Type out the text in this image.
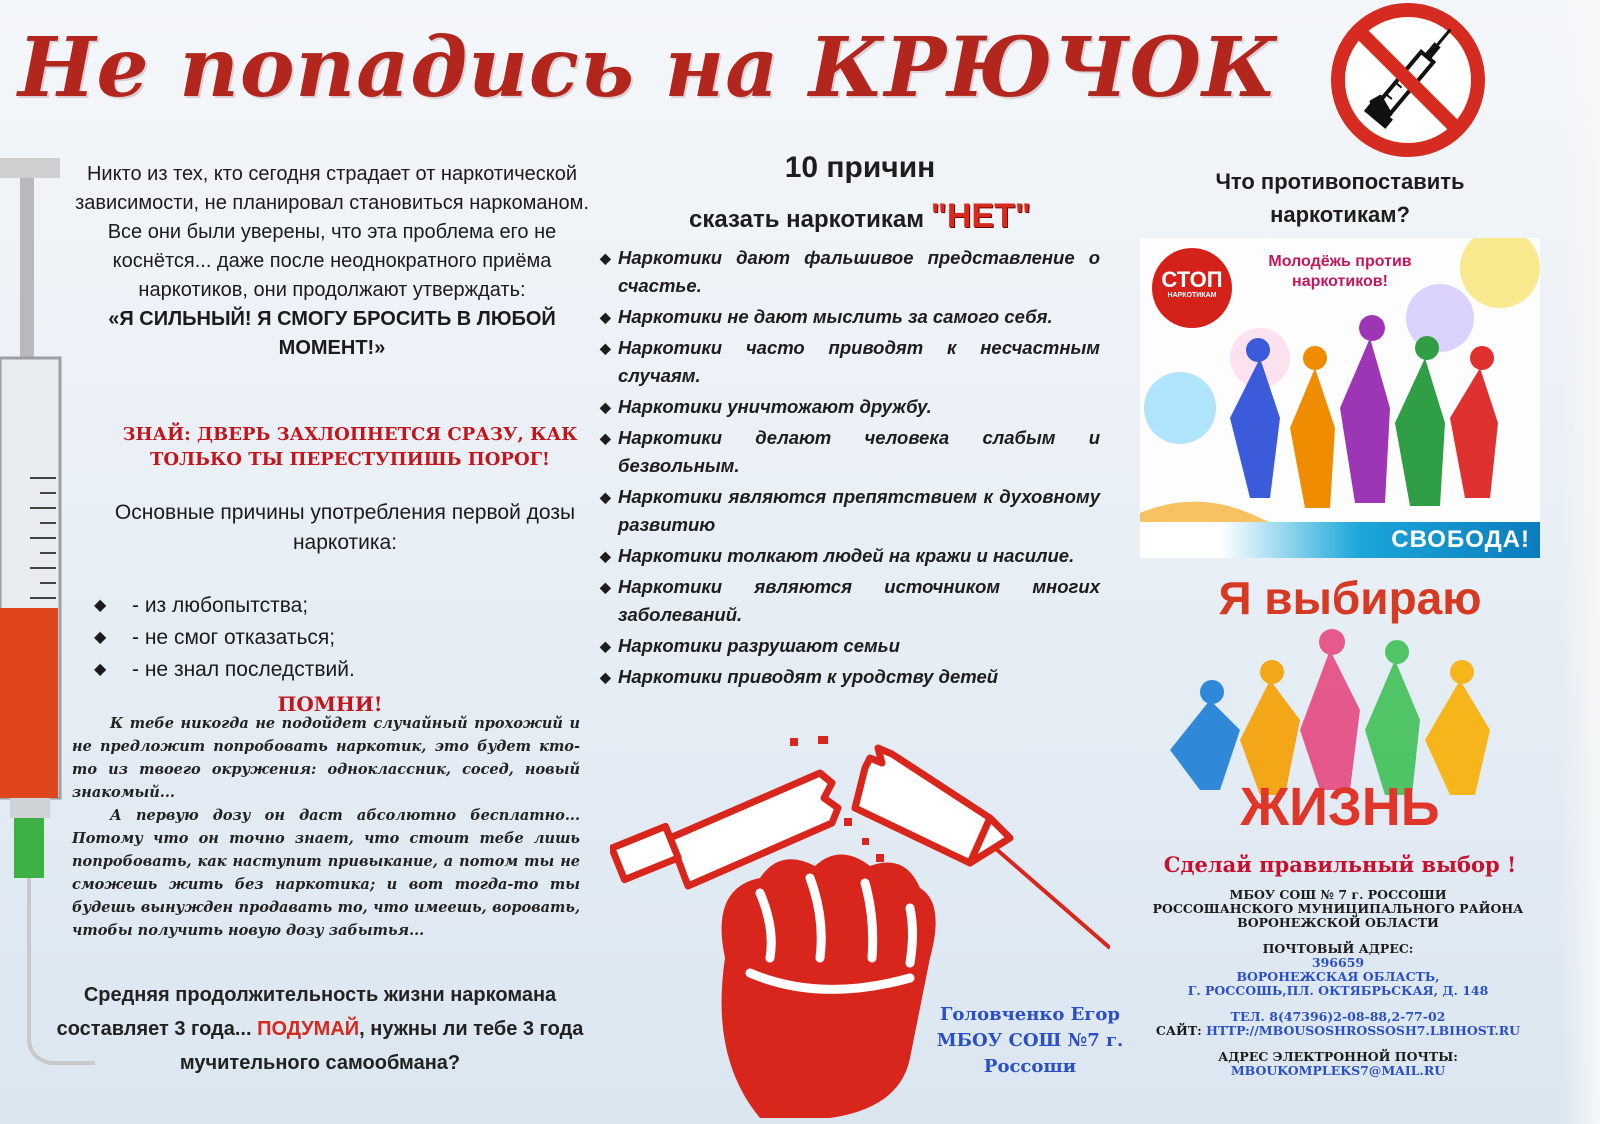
Не попадись на КРЮЧОК

Никто из тех, кто сегодня страдает от наркотической зависимости, не планировал становиться наркоманом. Все они были уверены, что эта проблема его не коснётся... даже после неоднократного приёма наркотиков, они продолжают утверждать:
«Я СИЛЬНЫЙ! Я СМОГУ БРОСИТЬ В ЛЮБОЙ МОМЕНТ!»

ЗНАЙ: ДВЕРЬ ЗАХЛОПНЕТСЯ СРАЗУ, КАК ТОЛЬКО ТЫ ПЕРЕСТУПИШЬ ПОРОГ!

Основные причины употребления первой дозы наркотика:

◆	- из любопытства;
◆	- не смог отказаться;
◆	- не знал последствий.

ПОМНИ!

К тебе никогда не подойдет случайный прохожий и не предложит попробовать наркотик, это будет кто-то из твоего окружения: одноклассник, сосед, новый знакомый...

А первую дозу он даст абсолютно бесплатно... Потому что он точно знает, что стоит тебе лишь попробовать, как наступит привыкание, а потом ты не сможешь жить без наркотика; и вот тогда-то ты будешь вынужден продавать то, что имеешь, воровать, чтобы получить новую дозу забытья...

Средняя продолжительность жизни наркомана составляет 3 года... ПОДУМАЙ, нужны ли тебе 3 года мучительного самообмана?

10 причин
сказать наркотикам "НЕТ"
◆ Наркотики дают фальшивое представление о счастье.
◆ Наркотики не дают мыслить за самого себя.
◆ Наркотики часто приводят к несчастным случаям.
◆ Наркотики уничтожают дружбу.
◆ Наркотики делают человека слабым и безвольным.
◆ Наркотики являются препятствием к духовному развитию
◆ Наркотики толкают людей на кражи и насилие.
◆ Наркотики являются источником многих заболеваний.
◆ Наркотики разрушают семьи
◆ Наркотики приводят к уродству детей

Головченко Егор МБОУ СОШ №7 г. Россоши

Что противопоставить наркотикам?

СТОП
НАРКОТИКАМ

Молодёжь против наркотиков!

СВОБОДА!

Я выбираю

ЖИЗНЬ

Сделай правильный выбор !

МБОУ СОШ № 7 г. РОССОШИ
РОССОШАНСКОГО МУНИЦИПАЛЬНОГО РАЙОНА
ВОРОНЕЖСКОЙ ОБЛАСТИ
ПОЧТОВЫЙ АДРЕС:
396659
ВОРОНЕЖСКАЯ ОБЛАСТЬ,
Г. РОССОШЬ,ПЛ. ОКТЯБРЬСКАЯ, Д. 148
ТЕЛ. 8(47396)2-08-88,2-77-02
САЙТ: HTTP://MBOUSOSHROSSOSH7.LBIHOST.RU
АДРЕС ЭЛЕКТРОННОЙ ПОЧТЫ:
MBOUKOMPLEKS7@MAIL.RU
